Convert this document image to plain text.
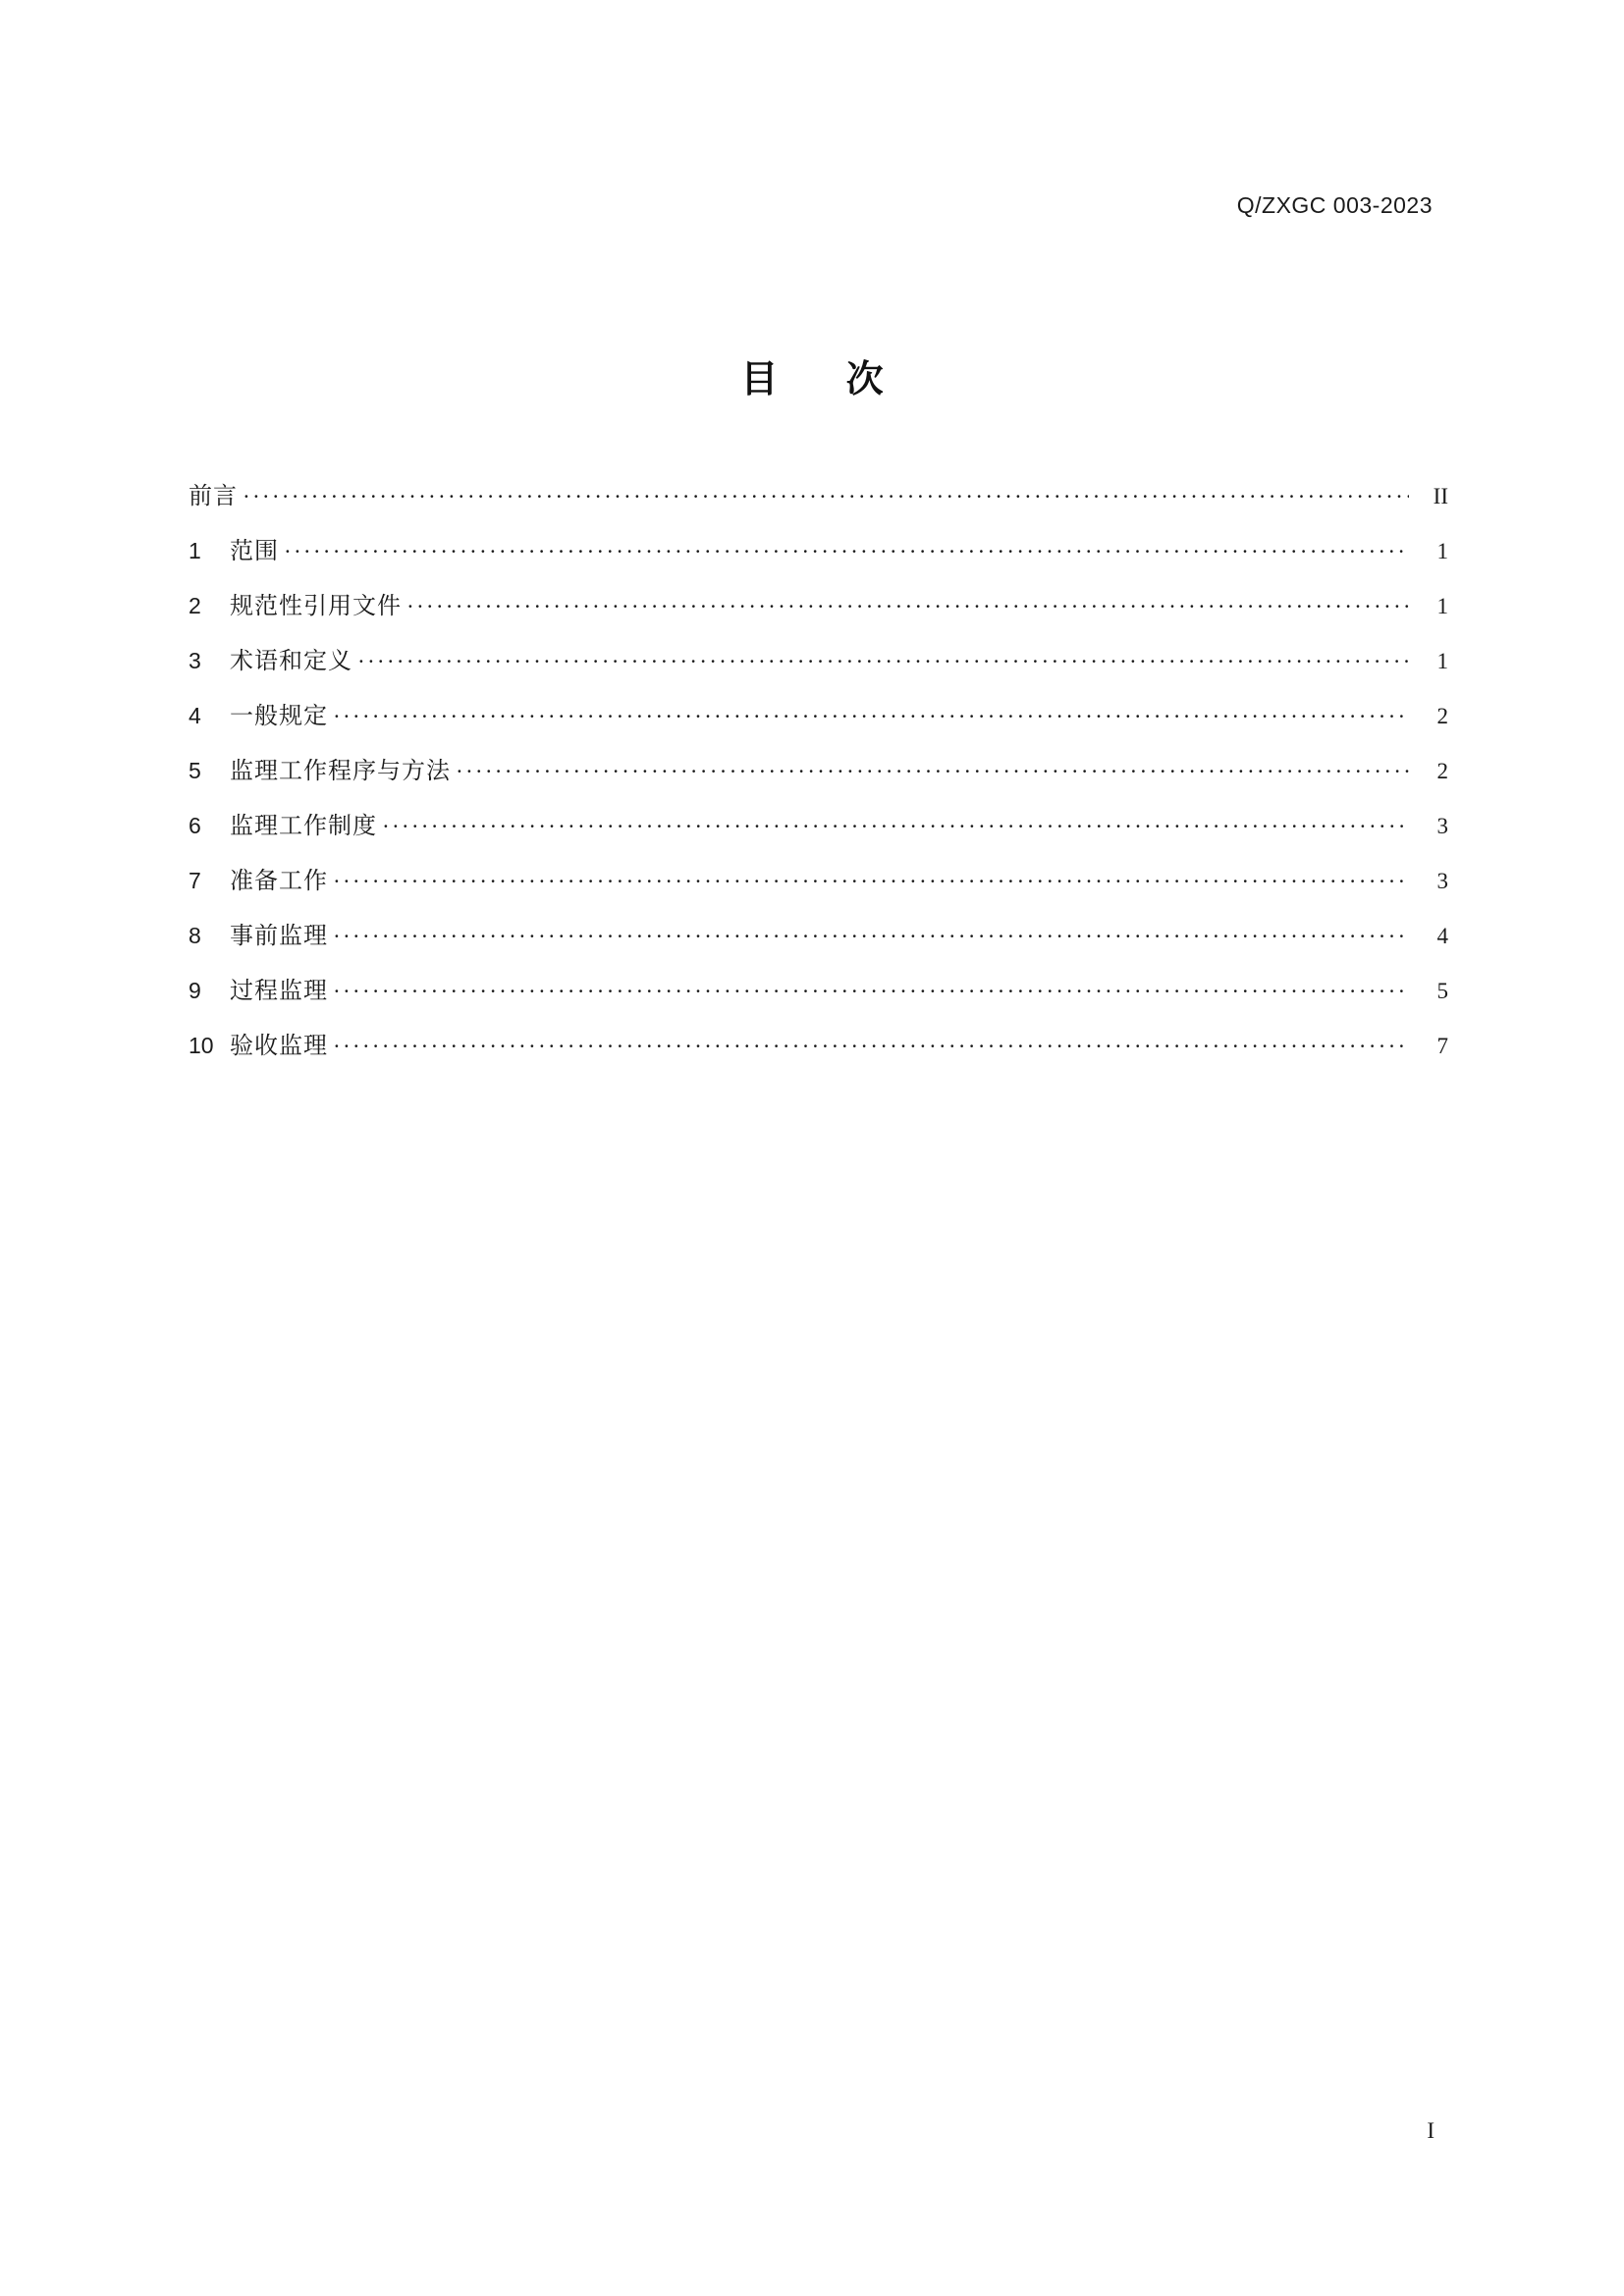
Q/ZXGC 003-2023
目 次
前言 .....	II
1	范围 .....	1
2	规范性引用文件 .....	1
3	术语和定义 .....	1
4	一般规定 .....	2
5	监理工作程序与方法 .....	2
6	监理工作制度 .....	3
7	准备工作 .....	3
8	事前监理 .....	4
9	过程监理 .....	5
10 验收监理 .....	7
I
